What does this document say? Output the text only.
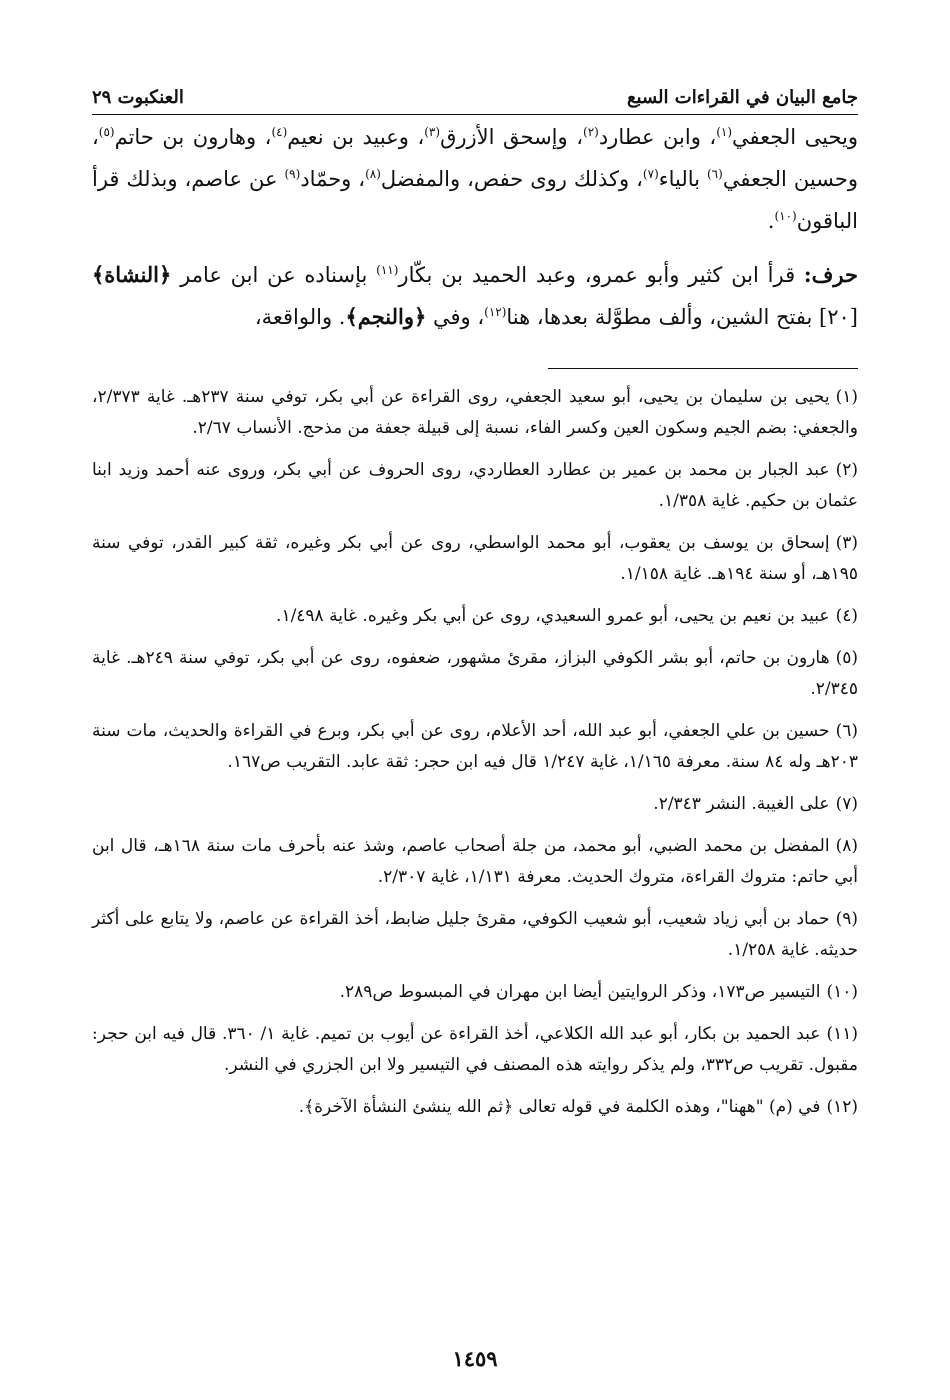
جامع البيان في القراءات السبع
العنكبوت ٢٩

ويحيى الجعفي$^{(١)}$، وابن عطارد$^{(٢)}$، وإسحق الأزرق$^{(٣)}$، وعبيد بن نعيم$^{(٤)}$، وهارون بن حاتم$^{(٥)}$، وحسين الجعفي$^{(٦)}$ بالياء$^{(٧)}$، وكذلك روى حفص، والمفضل$^{(٨)}$، وحمّاد$^{(٩)}$ عن عاصم، وبذلك قرأ الباقون$^{(١٠)}$.

حرف: قرأ ابن كثير وأبو عمرو، وعبد الحميد بن بكّار$^{(١١)}$ بإسناده عن ابن عامر ﴿النشاة﴾ [٢٠] بفتح الشين، وألف مطوَّلة بعدها، هنا$^{(١٢)}$، وفي ﴿والنجم﴾. والواقعة،

(١)يحيى بن سليمان بن يحيى، أبو سعيد الجعفي، روى القراءة عن أبي بكر، توفي سنة ٢٣٧هـ. غاية ٢/٣٧٣، والجعفي: بضم الجيم وسكون العين وكسر الفاء، نسبة إلى قبيلة جعفة من مذحج. الأنساب ٢/٦٧.
(٢)عبد الجبار بن محمد بن عمير بن عطارد العطاردي، روى الحروف عن أبي بكر، وروى عنه أحمد وزيد ابنا عثمان بن حكيم. غاية ١/٣٥٨.
(٣)إسحاق بن يوسف بن يعقوب، أبو محمد الواسطي، روى عن أبي بكر وغيره، ثقة كبير القدر، توفي سنة ١٩٥هـ، أو سنة ١٩٤هـ. غاية ١/١٥٨.
(٤)عبيد بن نعيم بن يحيى، أبو عمرو السعيدي، روى عن أبي بكر وغيره. غاية ١/٤٩٨.
(٥)هارون بن حاتم، أبو بشر الكوفي البزاز، مقرئ مشهور، ضعفوه، روى عن أبي بكر، توفي سنة ٢٤٩هـ. غاية ٢/٣٤٥.
(٦)حسين بن علي الجعفي، أبو عبد الله، أحد الأعلام، روى عن أبي بكر، وبرع في القراءة والحديث، مات سنة ٢٠٣هـ وله ٨٤ سنة. معرفة ١/١٦٥، غاية ١/٢٤٧ قال فيه ابن حجر: ثقة عابد. التقريب ص١٦٧.
(٧)على الغيبة. النشر ٢/٣٤٣.
(٨)المفضل بن محمد الضبي، أبو محمد، من جلة أصحاب عاصم، وشذ عنه بأحرف مات سنة ١٦٨هـ، قال ابن أبي حاتم: متروك القراءة، متروك الحديث. معرفة ١/١٣١، غاية ٢/٣٠٧.
(٩)حماد بن أبي زياد شعيب، أبو شعيب الكوفي، مقرئ جليل ضابط، أخذ القراءة عن عاصم، ولا يتابع على أكثر حديثه. غاية ١/٢٥٨.
(١٠)التيسير ص١٧٣، وذكر الروايتين أيضا ابن مهران في المبسوط ص٢٨٩.
(١١)عبد الحميد بن بكار، أبو عبد الله الكلاعي، أخذ القراءة عن أيوب بن تميم. غاية ١/ ٣٦٠. قال فيه ابن حجر: مقبول. تقريب ص٣٣٢، ولم يذكر روايته هذه المصنف في التيسير ولا ابن الجزري في النشر.
(١٢)في (م) "ههنا"، وهذه الكلمة في قوله تعالى ﴿ثم الله ينشئ النشأة الآخرة﴾.
١٤٥٩
